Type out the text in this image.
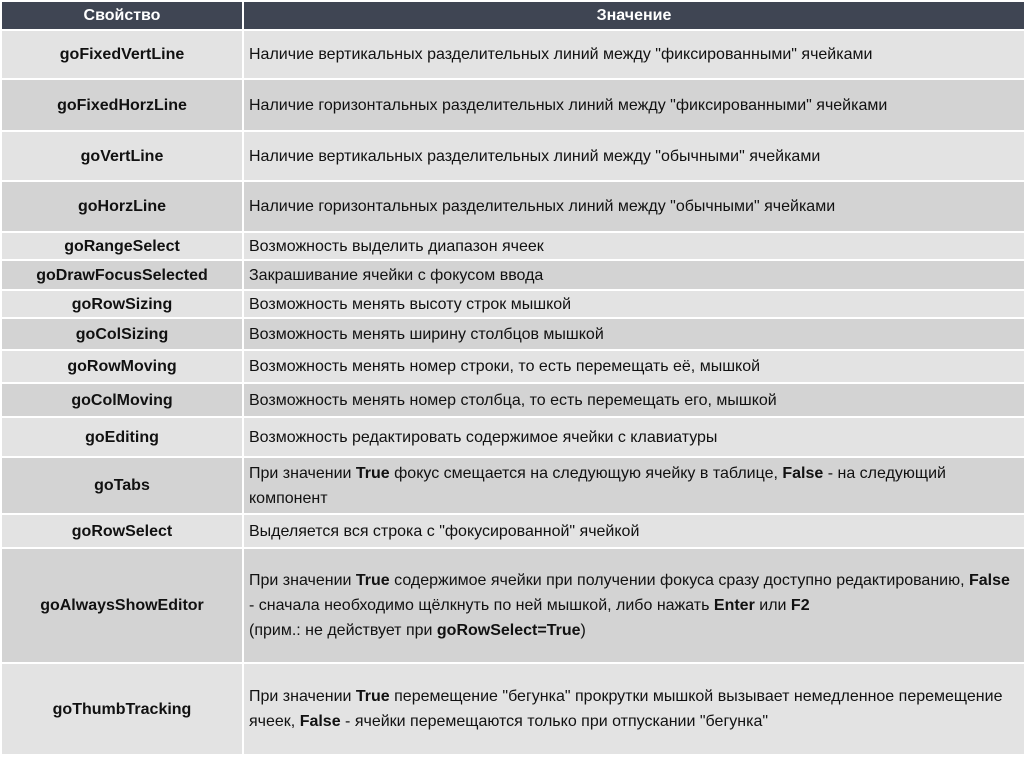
Свойство	Значение
goFixedVertLine	Наличие вертикальных разделительных линий между "фиксированными" ячейками
goFixedHorzLine	Наличие горизонтальных разделительных линий между "фиксированными" ячейками
goVertLine	Наличие вертикальных разделительных линий между "обычными" ячейками
goHorzLine	Наличие горизонтальных разделительных линий между "обычными" ячейками
goRangeSelect	Возможность выделить диапазон ячеек
goDrawFocusSelected	Закрашивание ячейки с фокусом ввода
goRowSizing	Возможность менять высоту строк мышкой
goColSizing	Возможность менять ширину столбцов мышкой
goRowMoving	Возможность менять номер строки, то есть перемещать её, мышкой
goColMoving	Возможность менять номер столбца, то есть перемещать его, мышкой
goEditing	Возможность редактировать содержимое ячейки с клавиатуры
goTabs	При значении True фокус смещается на следующую ячейку в таблице, False - на следующий компонент
goRowSelect	Выделяется вся строка с "фокусированной" ячейкой
goAlwaysShowEditor	При значении True содержимое ячейки при получении фокуса сразу доступно редактированию, False - сначала необходимо щёлкнуть по ней мышкой, либо нажать Enter или F2
(прим.: не действует при goRowSelect=True)
goThumbTracking	При значении True перемещение "бегунка" прокрутки мышкой вызывает немедленное перемещение ячеек, False - ячейки перемещаются только при отпускании "бегунка"
